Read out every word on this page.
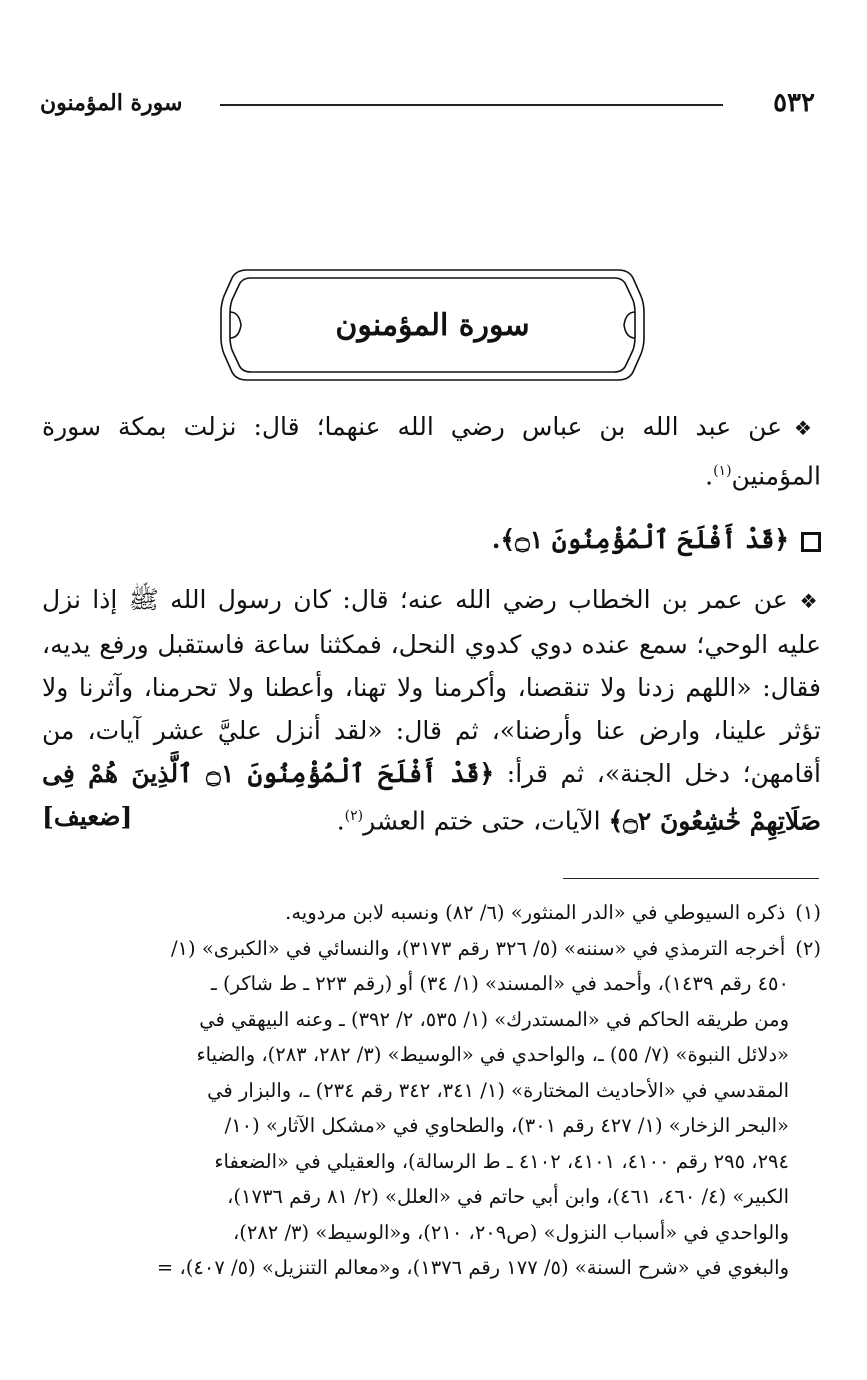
٥٣٢
سورة المؤمنون
سورة المؤمنون
❖عن عبد الله بن عباس رضي الله عنهما؛ قال: نزلت بمكة سورة المؤمنين$^{(١)}$.
﴿قَدْ أَفْلَحَ ٱلْمُؤْمِنُونَ ۝١﴾.
❖عن عمر بن الخطاب رضي الله عنه؛ قال: كان رسول الله ﷺ إذا نزل عليه الوحي؛ سمع عنده دوي كدوي النحل، فمكثنا ساعة فاستقبل ورفع يديه، فقال: «اللهم زدنا ولا تنقصنا، وأكرمنا ولا تهنا، وأعطنا ولا تحرمنا، وآثرنا ولا تؤثر علينا، وارض عنا وأرضنا»، ثم قال: «لقد أنزل عليَّ عشر آيات، من أقامهن؛ دخل الجنة»، ثم قرأ: ﴿قَدْ أَفْلَحَ ٱلْمُؤْمِنُونَ ۝١ ٱلَّذِينَ هُمْ فِى صَلَاتِهِمْ خَٰشِعُونَ ۝٢﴾ الآيات، حتى ختم العشر$^{(٢)}$.
[ضعيف]

(١)ذكره السيوطي في «الدر المنثور» (٦/ ٨٢) ونسبه لابن مردويه.

(٢)أخرجه الترمذي في «سننه» (٥/ ٣٢٦ رقم ٣١٧٣)، والنسائي في «الكبرى» (١/
٤٥٠ رقم ١٤٣٩)، وأحمد في «المسند» (١/ ٣٤) أو (رقم ٢٢٣ ـ ط شاكر) ـ
ومن طريقه الحاكم في «المستدرك» (١/ ٥٣٥، ٢/ ٣٩٢) ـ وعنه البيهقي في
«دلائل النبوة» (٧/ ٥٥) ـ، والواحدي في «الوسيط» (٣/ ٢٨٢، ٢٨٣)، والضياء
المقدسي في «الأحاديث المختارة» (١/ ٣٤١، ٣٤٢ رقم ٢٣٤) ـ، والبزار في
«البحر الزخار» (١/ ٤٢٧ رقم ٣٠١)، والطحاوي في «مشكل الآثار» (١٠/
٢٩٤، ٢٩٥ رقم ٤١٠٠، ٤١٠١، ٤١٠٢ ـ ط الرسالة)، والعقيلي في «الضعفاء
الكبير» (٤/ ٤٦٠، ٤٦١)، وابن أبي حاتم في «العلل» (٢/ ٨١ رقم ١٧٣٦)،
والواحدي في «أسباب النزول» (ص٢٠٩، ٢١٠)، و«الوسيط» (٣/ ٢٨٢)،
والبغوي في «شرح السنة» (٥/ ١٧٧ رقم ١٣٧٦)، و«معالم التنزيل» (٥/ ٤٠٧)، =
